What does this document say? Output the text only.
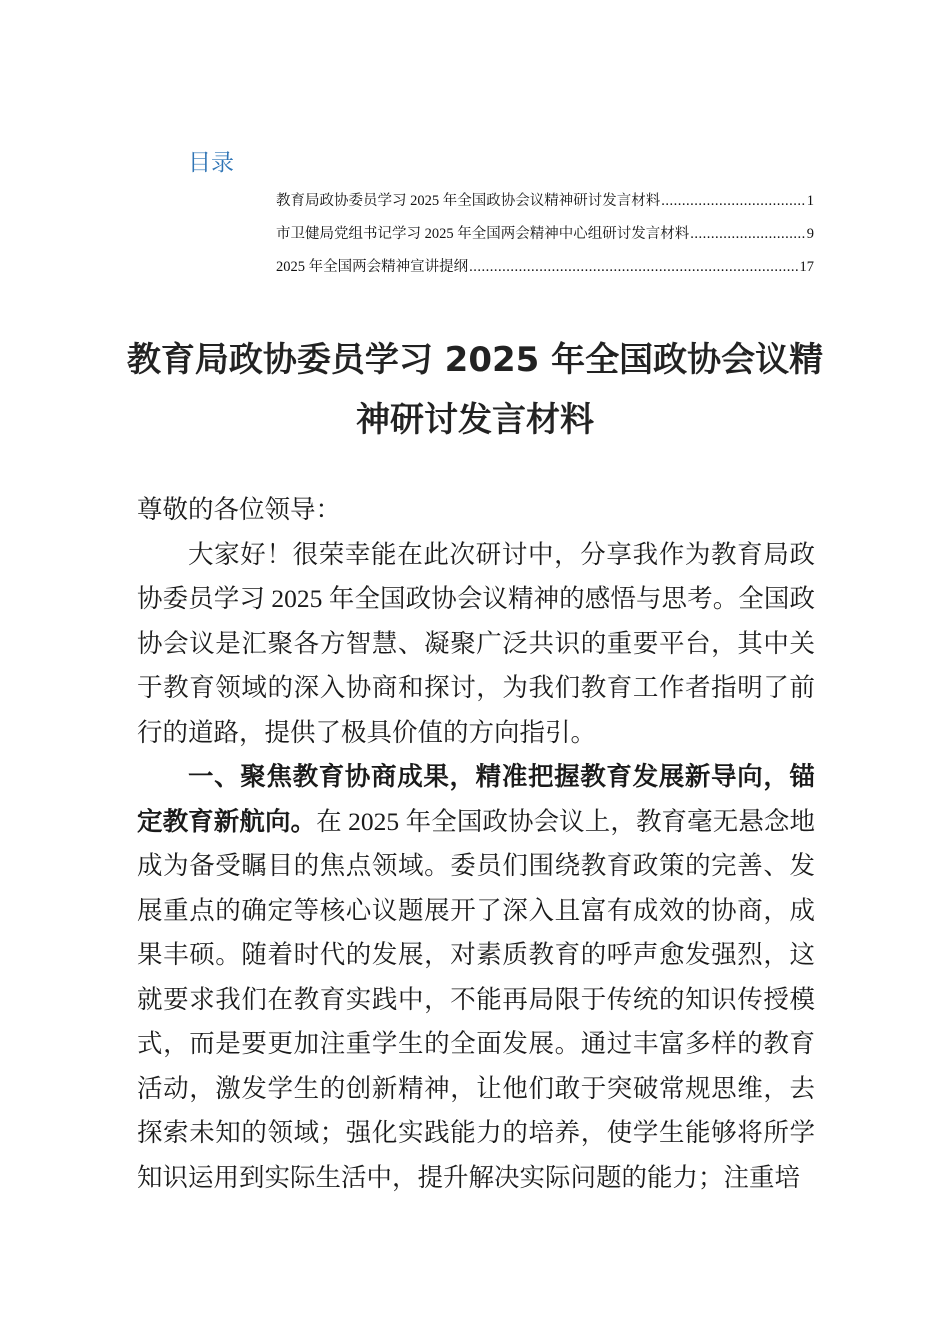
目录
教育局政协委员学习 2025 年全国政协会议精神研讨发言材料 .....	1
市卫健局党组书记学习 2025 年全国两会精神中心组研讨发言材料 .....	9
2025 年全国两会精神宣讲提纲 .....	17
教育局政协委员学习 2025 年全国政协会议精神研讨发言材料

尊敬的各位领导：

大家好！很荣幸能在此次研讨中，分享我作为教育局政协委员学习 2025 年全国政协会议精神的感悟与思考。全国政协会议是汇聚各方智慧、凝聚广泛共识的重要平台，其中关于教育领域的深入协商和探讨，为我们教育工作者指明了前行的道路，提供了极具价值的方向指引。

一、聚焦教育协商成果，精准把握教育发展新导向，锚定教育新航向。在 2025 年全国政协会议上，教育毫无悬念地成为备受瞩目的焦点领域。委员们围绕教育政策的完善、发展重点的确定等核心议题展开了深入且富有成效的协商，成果丰硕。随着时代的发展，对素质教育的呼声愈发强烈，这就要求我们在教育实践中，不能再局限于传统的知识传授模式，而是要更加注重学生的全面发展。通过丰富多样的教育活动，激发学生的创新精神，让他们敢于突破常规思维，去探索未知的领域；强化实践能力的培养，使学生能够将所学知识运用到实际生活中，提升解决实际问题的能力；注重培
